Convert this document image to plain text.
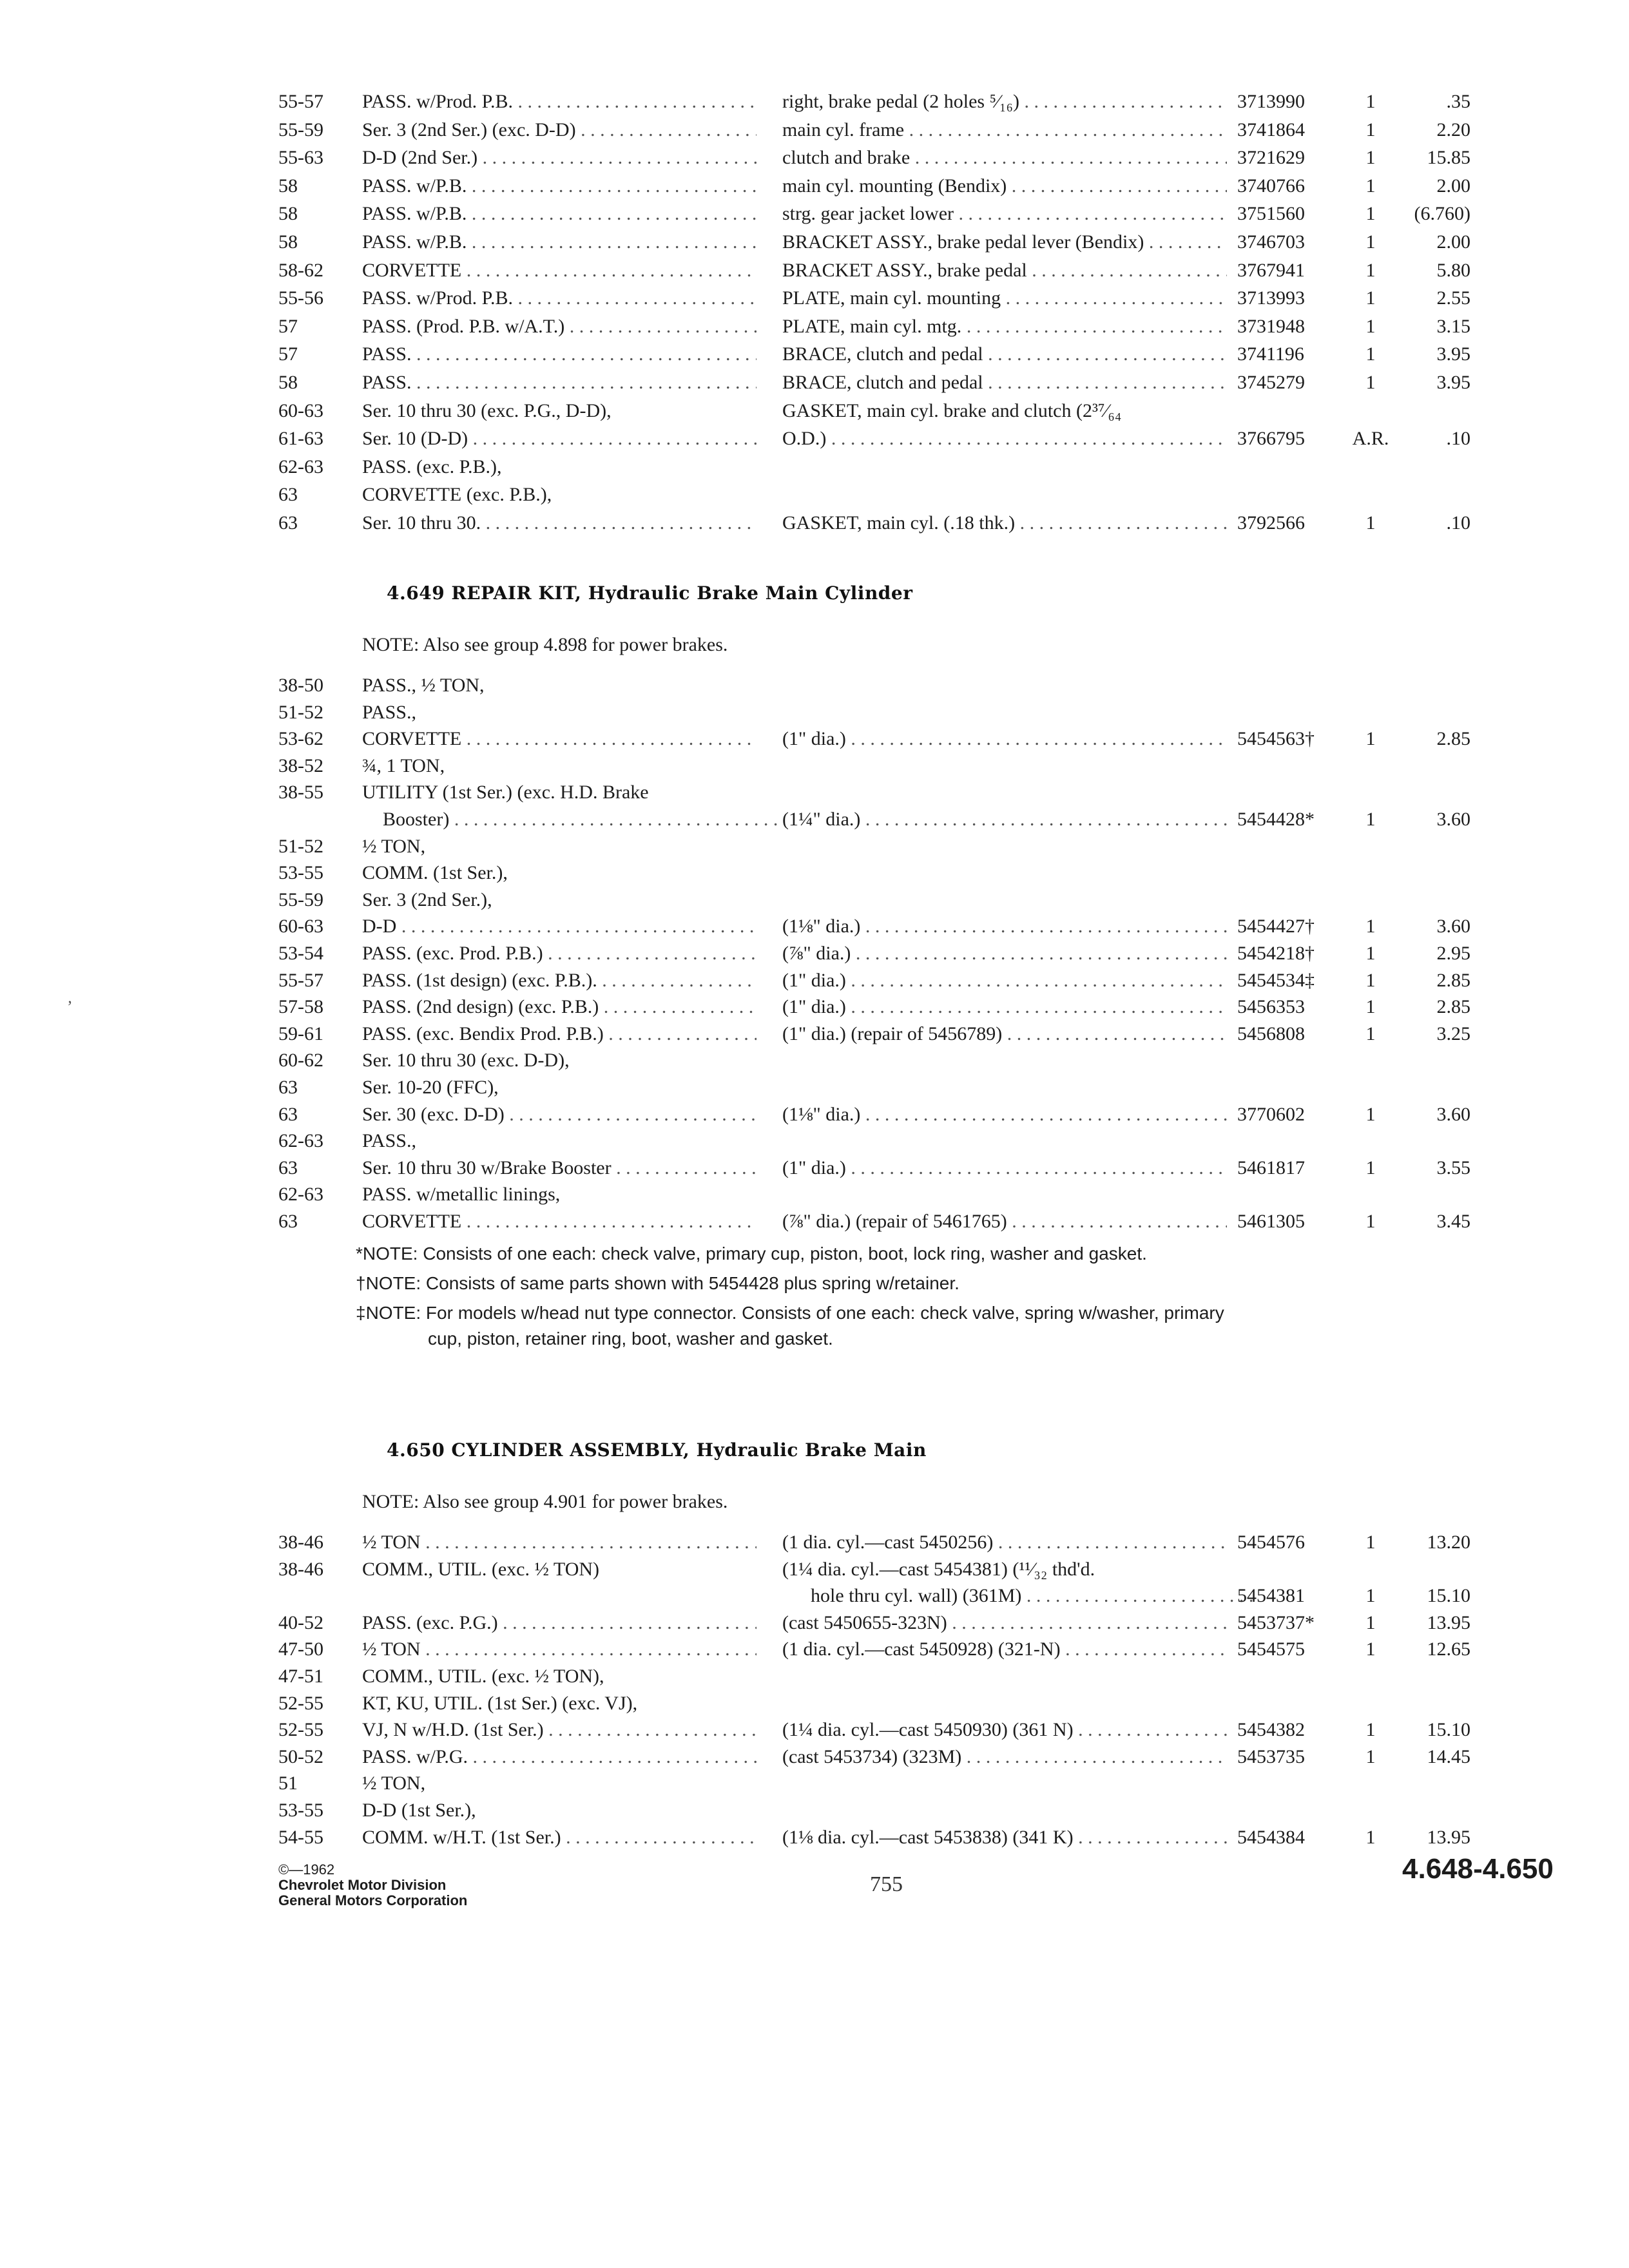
55-57	PASS. w/Prod. P.B. . . .	right, brake pedal (2 holes ⁵⁄₁₆) . . .	3713990	1	.35
55-59	Ser. 3 (2nd Ser.) (exc. D-D) . . .	main cyl. frame . . .	3741864	1	2.20
55-63	D-D (2nd Ser.) . . .	clutch and brake . . .	3721629	1	15.85
58	PASS. w/P.B. . . .	main cyl. mounting (Bendix) . . .	3740766	1	2.00
58	PASS. w/P.B. . . .	strg. gear jacket lower . . .	3751560	1	(6.760)
58	PASS. w/P.B. . . .	BRACKET ASSY., brake pedal lever (Bendix) . . .	3746703	1	2.00
58-62	CORVETTE . . .	BRACKET ASSY., brake pedal . . .	3767941	1	5.80
55-56	PASS. w/Prod. P.B. . . .	PLATE, main cyl. mounting . . .	3713993	1	2.55
57	PASS. (Prod. P.B. w/A.T.) . . .	PLATE, main cyl. mtg. . . .	3731948	1	3.15
57	PASS. . . .	BRACE, clutch and pedal . . .	3741196	1	3.95
58	PASS. . . .	BRACE, clutch and pedal . . .	3745279	1	3.95
60-63	Ser. 10 thru 30 (exc. P.G., D-D),	GASKET, main cyl. brake and clutch (2³⁷⁄₆₄
61-63	Ser. 10 (D-D) . . .	O.D.) . . .	3766795	A.R.	.10
62-63	PASS. (exc. P.B.),
63	CORVETTE (exc. P.B.),
63	Ser. 10 thru 30. . . .	GASKET, main cyl. (.18 thk.) . . .	3792566	1	.10
4.649 REPAIR KIT, Hydraulic Brake Main Cylinder
NOTE: Also see group 4.898 for power brakes.
38-50	PASS., ½ TON,
51-52	PASS.,
53-62	CORVETTE . . .	(1" dia.) . . .	5454563†	1	2.85
38-52	¾, 1 TON,
38-55	UTILITY (1st Ser.) (exc. H.D. Brake
Booster) . . .	(1¼" dia.) . . .	5454428*	1	3.60
51-52	½ TON,
53-55	COMM. (1st Ser.),
55-59	Ser. 3 (2nd Ser.),
60-63	D-D . . .	(1⅛" dia.) . . .	5454427†	1	3.60
53-54	PASS. (exc. Prod. P.B.) . . .	(⅞" dia.) . . .	5454218†	1	2.95
55-57	PASS. (1st design) (exc. P.B.). . . .	(1" dia.) . . .	5454534‡	1	2.85
57-58	PASS. (2nd design) (exc. P.B.) . . .	(1" dia.) . . .	5456353	1	2.85
59-61	PASS. (exc. Bendix Prod. P.B.) . . .	(1" dia.) (repair of 5456789) . . .	5456808	1	3.25
60-62	Ser. 10 thru 30 (exc. D-D),
63	Ser. 10-20 (FFC),
63	Ser. 30 (exc. D-D) . . .	(1⅛" dia.) . . .	3770602	1	3.60
62-63	PASS.,
63	Ser. 10 thru 30 w/Brake Booster . . .	(1" dia.) . . .	5461817	1	3.55
62-63	PASS. w/metallic linings,
63	CORVETTE . . .	(⅞" dia.) (repair of 5461765) . . .	5461305	1	3.45
*NOTE: Consists of one each: check valve, primary cup, piston, boot, lock ring, washer and gasket.
†NOTE: Consists of same parts shown with 5454428 plus spring w/retainer.
‡NOTE: For models w/head nut type connector. Consists of one each: check valve, spring w/washer, primary cup, piston, retainer ring, boot, washer and gasket.
4.650 CYLINDER ASSEMBLY, Hydraulic Brake Main
NOTE: Also see group 4.901 for power brakes.
38-46	½ TON . . .	(1 dia. cyl.—cast 5450256) . . .	5454576	1	13.20
38-46	COMM., UTIL. (exc. ½ TON)	(1¼ dia. cyl.—cast 5454381) (¹¹⁄₃₂ thd'd.
hole thru cyl. wall) (361M) . . .	5454381	1	15.10
40-52	PASS. (exc. P.G.) . . .	(cast 5450655-323N) . . .	5453737*	1	13.95
47-50	½ TON . . .	(1 dia. cyl.—cast 5450928) (321-N) . . .	5454575	1	12.65
47-51	COMM., UTIL. (exc. ½ TON),
52-55	KT, KU, UTIL. (1st Ser.) (exc. VJ),
52-55	VJ, N w/H.D. (1st Ser.) . . .	(1¼ dia. cyl.—cast 5450930) (361 N) . . .	5454382	1	15.10
50-52	PASS. w/P.G. . . .	(cast 5453734) (323M) . . .	5453735	1	14.45
51	½ TON,
53-55	D-D (1st Ser.),
54-55	COMM. w/H.T. (1st Ser.) . . .	(1⅛ dia. cyl.—cast 5453838) (341 K) . . .	5454384	1	13.95
©—1962
Chevrolet Motor Division
General Motors Corporation
755	4.648-4.650
ʼ
